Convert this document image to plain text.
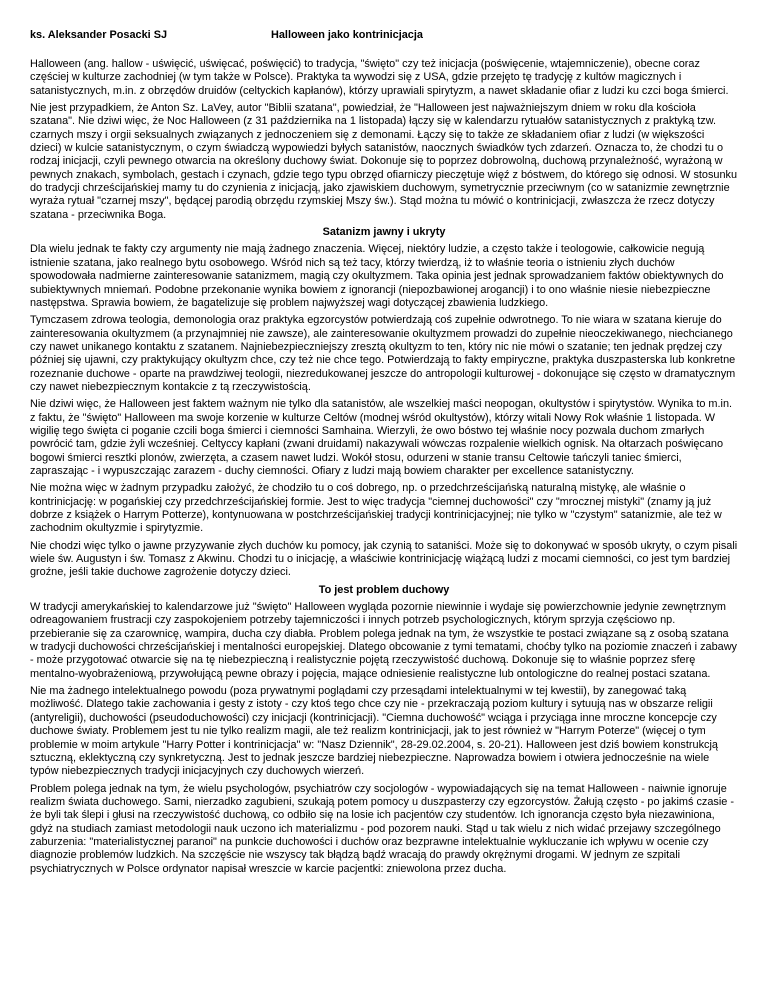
ks. Aleksander Posacki SJ	Halloween jako kontrinicjacja

Halloween (ang. hallow - uświęcić, uświęcać, poświęcić) to tradycja, "święto" czy też inicjacja (poświęcenie, wtajemniczenie), obecne coraz częściej w kulturze zachodniej (w tym także w Polsce). Praktyka ta wywodzi się z USA, gdzie przejęto tę tradycję z kultów magicznych i satanistycznych, m.in. z obrzędów druidów (celtyckich kapłanów), którzy uprawiali spirytyzm, a nawet składanie ofiar z ludzi ku czci boga śmierci.

Nie jest przypadkiem, że Anton Sz. LaVey, autor "Biblii szatana", powiedział, że "Halloween jest najważniejszym dniem w roku dla kościoła szatana". Nie dziwi więc, że Noc Halloween (z 31 października na 1 listopada) łączy się w kalendarzu rytuałów satanistycznych z praktyką tzw. czarnych mszy i orgii seksualnych związanych z jednoczeniem się z demonami. Łączy się to także ze składaniem ofiar z ludzi (w większości dzieci) w kulcie satanistycznym, o czym świadczą wypowiedzi byłych satanistów, naocznych świadków tych zdarzeń. Oznacza to, że chodzi tu o rodzaj inicjacji, czyli pewnego otwarcia na określony duchowy świat. Dokonuje się to poprzez dobrowolną, duchową przynależność, wyrażoną w pewnych znakach, symbolach, gestach i czynach, gdzie tego typu obrzęd ofiarniczy pieczętuje więź z bóstwem, do którego się odnosi. W stosunku do tradycji chrześcijańskiej mamy tu do czynienia z inicjacją, jako zjawiskiem duchowym, symetrycznie przeciwnym (co w satanizmie zewnętrznie wyraża rytuał "czarnej mszy", będącej parodią obrzędu rzymskiej Mszy św.). Stąd można tu mówić o kontrinicjacji, zwłaszcza że rzecz dotyczy szatana - przeciwnika Boga.

Satanizm jawny i ukryty

Dla wielu jednak te fakty czy argumenty nie mają żadnego znaczenia. Więcej, niektóry ludzie, a często także i teologowie, całkowicie negują istnienie szatana, jako realnego bytu osobowego. Wśród nich są też tacy, którzy twierdzą, iż to właśnie teoria o istnieniu złych duchów spowodowała nadmierne zainteresowanie satanizmem, magią czy okultyzmem. Taka opinia jest jednak sprowadzaniem faktów obiektywnych do subiektywnych mniemań. Podobne przekonanie wynika bowiem z ignorancji (niepozbawionej arogancji) i to ono właśnie niesie niebezpieczne następstwa. Sprawia bowiem, że bagatelizuje się problem najwyższej wagi dotyczącej zbawienia ludzkiego.

Tymczasem zdrowa teologia, demonologia oraz praktyka egzorcystów potwierdzają coś zupełnie odwrotnego. To nie wiara w szatana kieruje do zainteresowania okultyzmem (a przynajmniej nie zawsze), ale zainteresowanie okultyzmem prowadzi do zupełnie nieoczekiwanego, niechcianego czy nawet unikanego kontaktu z szatanem. Najniebezpieczniejszy zresztą okultyzm to ten, który nic nie mówi o szatanie; ten jednak prędzej czy później się ujawni, czy praktykujący okultyzm chce, czy też nie chce tego. Potwierdzają to fakty empiryczne, praktyka duszpasterska lub konkretne rozeznanie duchowe - oparte na prawdziwej teologii, niezredukowanej jeszcze do antropologii kulturowej - dokonujące się często w dramatycznym czy nawet niebezpiecznym kontakcie z tą rzeczywistością.

Nie dziwi więc, że Halloween jest faktem ważnym nie tylko dla satanistów, ale wszelkiej maści neopogan, okultystów i spirytystów. Wynika to m.in. z faktu, że "święto" Halloween ma swoje korzenie w kulturze Celtów (modnej wśród okultystów), którzy witali Nowy Rok właśnie 1 listopada. W wigilię tego święta ci poganie czcili boga śmierci i ciemności Samhaina. Wierzyli, że owo bóstwo tej właśnie nocy pozwala duchom zmarłych powrócić tam, gdzie żyli wcześniej. Celtyccy kapłani (zwani druidami) nakazywali wówczas rozpalenie wielkich ognisk. Na ołtarzach poświęcano bogowi śmierci resztki plonów, zwierzęta, a czasem nawet ludzi. Wokół stosu, odurzeni w stanie transu Celtowie tańczyli taniec śmierci, zapraszając - i wypuszczając zarazem - duchy ciemności. Ofiary z ludzi mają bowiem charakter per excellence satanistyczny.

Nie można więc w żadnym przypadku założyć, że chodziło tu o coś dobrego, np. o przedchrześcijańską naturalną mistykę, ale właśnie o kontrinicjację: w pogańskiej czy przedchrześcijańskiej formie. Jest to więc tradycja "ciemnej duchowości" czy "mrocznej mistyki" (znamy ją już dobrze z książek o Harrym Potterze), kontynuowana w postchrześcijańskiej tradycji kontrinicjacyjnej; nie tylko w "czystym" satanizmie, ale też w zachodnim okultyzmie i spirytyzmie.

Nie chodzi więc tylko o jawne przyzywanie złych duchów ku pomocy, jak czynią to sataniści. Może się to dokonywać w sposób ukryty, o czym pisali wiele św. Augustyn i św. Tomasz z Akwinu. Chodzi tu o inicjację, a właściwie kontrinicjację wiążącą ludzi z mocami ciemności, co jest tym bardziej groźne, jeśli takie duchowe zagrożenie dotyczy dzieci.

To jest problem duchowy

W tradycji amerykańskiej to kalendarzowe już "święto" Halloween wygląda pozornie niewinnie i wydaje się powierzchownie jedynie zewnętrznym odreagowaniem frustracji czy zaspokojeniem potrzeby tajemniczości i innych potrzeb psychologicznych, którym sprzyja częściowo np. przebieranie się za czarownicę, wampira, ducha czy diabła. Problem polega jednak na tym, że wszystkie te postaci związane są z osobą szatana w tradycji duchowości chrześcijańskiej i mentalności europejskiej. Dlatego obcowanie z tymi tematami, choćby tylko na poziomie znaczeń i zabawy - może przygotować otwarcie się na tę niebezpieczną i realistycznie pojętą rzeczywistość duchową. Dokonuje się to właśnie poprzez sferę mentalno-wyobrażeniową, przywołującą pewne obrazy i pojęcia, mające odniesienie realistyczne lub ontologiczne do realnej postaci szatana.

Nie ma żadnego intelektualnego powodu (poza prywatnymi poglądami czy przesądami intelektualnymi w tej kwestii), by zanegować taką możliwość. Dlatego takie zachowania i gesty z istoty - czy ktoś tego chce czy nie - przekraczają poziom kultury i sytuują nas w obszarze religii (antyreligii), duchowości (pseudoduchowości) czy inicjacji (kontrinicjacji). "Ciemna duchowość" wciąga i przyciąga inne mroczne koncepcje czy duchowe światy. Problemem jest tu nie tylko realizm magii, ale też realizm kontrinicjacji, jak to jest również w "Harrym Poterze" (więcej o tym problemie w moim artykule "Harry Potter i kontrinicjacja" w: "Nasz Dziennik", 28-29.02.2004, s. 20-21). Halloween jest dziś bowiem konstrukcją sztuczną, eklektyczną czy synkretyczną. Jest to jednak jeszcze bardziej niebezpieczne. Naprowadza bowiem i otwiera jednocześnie na wiele typów niebezpiecznych tradycji inicjacyjnych czy duchowych wierzeń.

Problem polega jednak na tym, że wielu psychologów, psychiatrów czy socjologów - wypowiadających się na temat Halloween - naiwnie ignoruje realizm świata duchowego. Sami, nierzadko zagubieni, szukają potem pomocy u duszpasterzy czy egzorcystów. Żałują często - po jakimś czasie - że byli tak ślepi i głusi na rzeczywistość duchową, co odbiło się na losie ich pacjentów czy studentów. Ich ignorancja często była niezawiniona, gdyż na studiach zamiast metodologii nauk uczono ich materializmu - pod pozorem nauki. Stąd u tak wielu z nich widać przejawy szczególnego zaburzenia: "materialistycznej paranoi" na punkcie duchowości i duchów oraz bezprawne intelektualnie wykluczanie ich wpływu w ocenie czy diagnozie problemów ludzkich. Na szczęście nie wszyscy tak błądzą bądź wracają do prawdy okrężnymi drogami. W jednym ze szpitali psychiatrycznych w Polsce ordynator napisał wreszcie w karcie pacjentki: zniewolona przez ducha.
